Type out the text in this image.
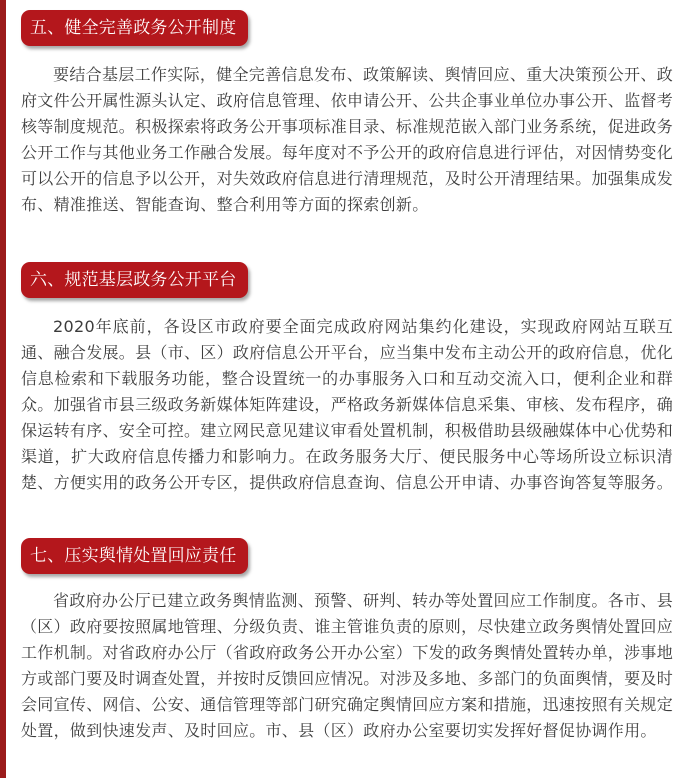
五、健全完善政务公开制度

要结合基层工作实际，健全完善信息发布、政策解读、舆情回应、重大决策预公开、政府文件公开属性源头认定、政府信息管理、依申请公开、公共企事业单位办事公开、监督考核等制度规范。积极探索将政务公开事项标准目录、标准规范嵌入部门业务系统，促进政务公开工作与其他业务工作融合发展。每年度对不予公开的政府信息进行评估，对因情势变化可以公开的信息予以公开，对失效政府信息进行清理规范，及时公开清理结果。加强集成发布、精准推送、智能查询、整合利用等方面的探索创新。

六、规范基层政务公开平台

2020年底前，各设区市政府要全面完成政府网站集约化建设，实现政府网站互联互通、融合发展。县（市、区）政府信息公开平台，应当集中发布主动公开的政府信息，优化信息检索和下载服务功能，整合设置统一的办事服务入口和互动交流入口，便利企业和群众。加强省市县三级政务新媒体矩阵建设，严格政务新媒体信息采集、审核、发布程序，确保运转有序、安全可控。建立网民意见建议审看处置机制，积极借助县级融媒体中心优势和渠道，扩大政府信息传播力和影响力。在政务服务大厅、便民服务中心等场所设立标识清楚、方便实用的政务公开专区，提供政府信息查询、信息公开申请、办事咨询答复等服务。

七、压实舆情处置回应责任

省政府办公厅已建立政务舆情监测、预警、研判、转办等处置回应工作制度。各市、县（区）政府要按照属地管理、分级负责、谁主管谁负责的原则，尽快建立政务舆情处置回应工作机制。对省政府办公厅（省政府政务公开办公室）下发的政务舆情处置转办单，涉事地方或部门要及时调查处置，并按时反馈回应情况。对涉及多地、多部门的负面舆情，要及时会同宣传、网信、公安、通信管理等部门研究确定舆情回应方案和措施，迅速按照有关规定处置，做到快速发声、及时回应。市、县（区）政府办公室要切实发挥好督促协调作用。
